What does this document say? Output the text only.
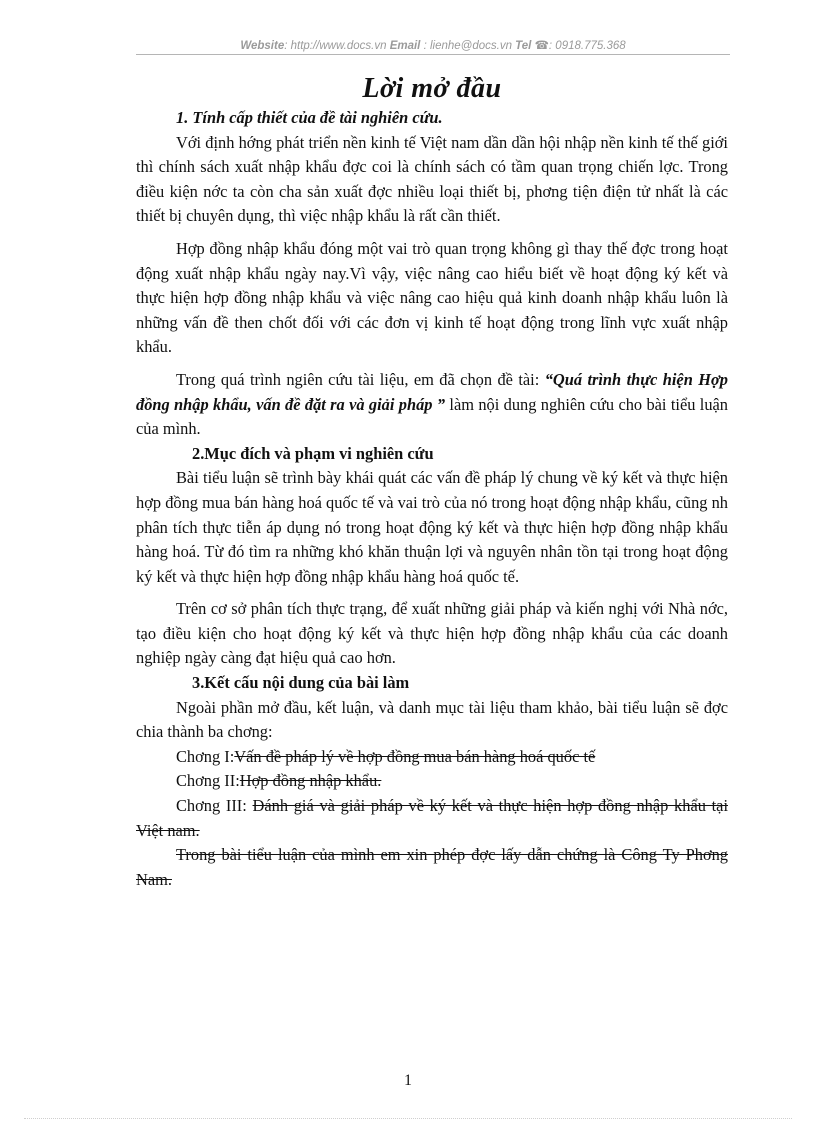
Website: http://www.docs.vn Email : lienhe@docs.vn Tel ☎: 0918.775.368
Lời mở đầu
1. Tính cấp thiết của đề tài nghiên cứu.

Với định hớng phát triển nền kinh tế Việt nam dần dần hội nhập nền kinh tế thế giới thì chính sách xuất nhập khẩu đợc coi là chính sách có tầm quan trọng chiến lợc. Trong điều kiện nớc ta còn cha sản xuất đợc nhiều loại thiết bị, phơng tiện điện tử nhất là các thiết bị chuyên dụng, thì việc nhập khẩu là rất cần thiết.

Hợp đồng nhập khẩu đóng một vai trò quan trọng không gì thay thế đợc trong hoạt động xuất nhập khẩu ngày nay.Vì vậy, việc nâng cao hiểu biết về hoạt động ký kết và thực hiện hợp đồng nhập khẩu và việc nâng cao hiệu quả kinh doanh nhập khẩu luôn là những vấn đề then chốt đối với các đơn vị kinh tế hoạt động trong lĩnh vực xuất nhập khẩu.

Trong quá trình ngiên cứu tài liệu, em đã chọn đề tài: “Quá trình thực hiện Hợp đồng nhập khẩu, vấn đề đặt ra và giải pháp ” làm nội dung nghiên cứu cho bài tiểu luận của mình.

2.Mục đích và phạm vi nghiên cứu

Bài tiểu luận sẽ trình bày khái quát các vấn đề pháp lý chung về ký kết và thực hiện hợp đồng mua bán hàng hoá quốc tế và vai trò của nó trong hoạt động nhập khẩu, cũng nh phân tích thực tiễn áp dụng nó trong hoạt động ký kết và thực hiện hợp đồng nhập khẩu hàng hoá. Từ đó tìm ra những khó khăn thuận lợi và nguyên nhân tồn tại trong hoạt động ký kết và thực hiện hợp đồng nhập khẩu hàng hoá quốc tế.

Trên cơ sở phân tích thực trạng, để xuất những giải pháp và kiến nghị với Nhà nớc, tạo điều kiện cho hoạt động ký kết và thực hiện hợp đồng nhập khẩu của các doanh nghiệp ngày càng đạt hiệu quả cao hơn.

3.Kết cấu nội dung của bài làm

Ngoài phần mở đầu, kết luận, và danh mục tài liệu tham khảo, bài tiểu luận sẽ đợc chia thành ba chơng:

Chơng I:Vấn đề pháp lý về hợp đồng mua bán hàng hoá quốc tế

Chơng II:Hợp đồng nhập khẩu.

Chơng III: Đánh giá và giải pháp về ký kết và thực hiện hợp đồng nhập khẩu tại Việt nam.

Trong bài tiểu luận của mình em xin phép đợc lấy dẫn chứng là Công Ty Phơng Nam.

1
